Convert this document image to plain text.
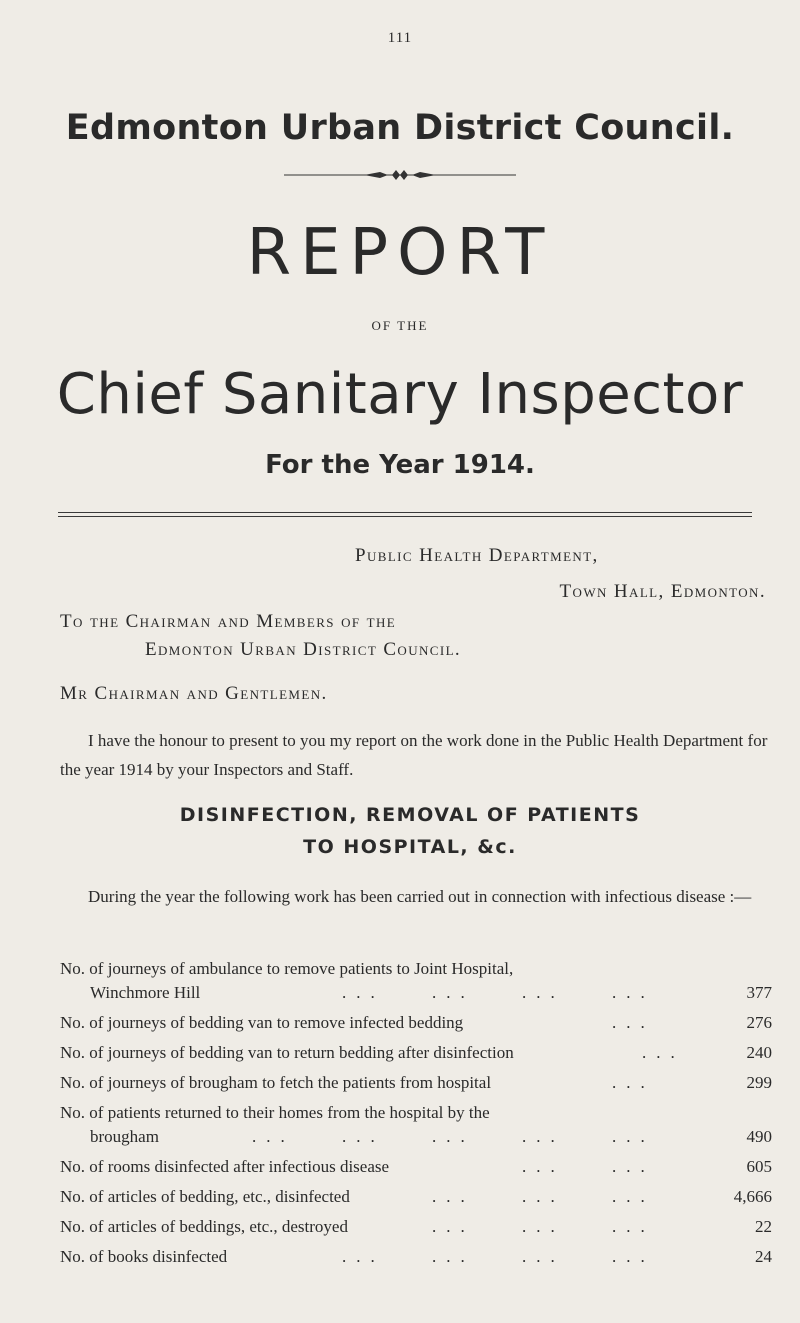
111
Edmonton Urban District Council.
REPORT
OF THE
Chief Sanitary Inspector
For the Year 1914.
Public Health Department,
Town Hall, Edmonton.
To the Chairman and Members of the
Edmonton Urban District Council.
Mr Chairman and Gentlemen.
I have the honour to present to you my report on the work done in the Public Health Department for the year 1914 by your Inspectors and Staff.
DISINFECTION, REMOVAL OF PATIENTS
TO HOSPITAL, &c.
During the year the following work has been carried out in connection with infectious disease :—
No. of journeys of ambulance to remove patients to Joint Hospital,
Winchmore Hill	...	...	...	...	377
No. of journeys of bedding van to remove infected bedding	...	276
No. of journeys of bedding van to return bedding after disinfection	...	240
No. of journeys of brougham to fetch the patients from hospital	...	299
No. of patients returned to their homes from the hospital by the
brougham	...	...	...	...	...	490
No. of rooms disinfected after infectious disease	...	...	605
No. of articles of bedding, etc., disinfected	...	...	...	4,666
No. of articles of beddings, etc., destroyed	...	...	...	22
No. of books disinfected	...	...	...	...	24
